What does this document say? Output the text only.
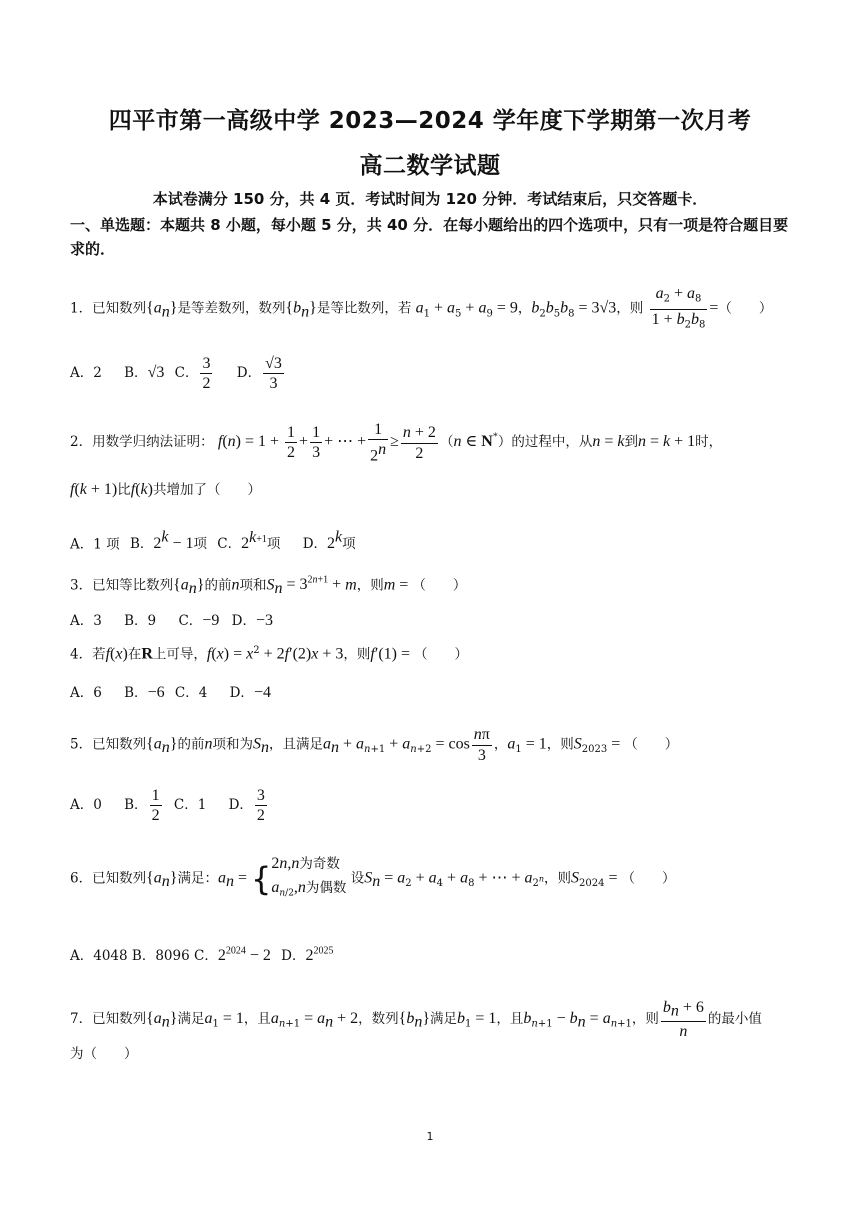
四平市第一高级中学 2023—2024 学年度下学期第一次月考
高二数学试题
本试卷满分 150 分，共 4 页．考试时间为 120 分钟．考试结束后，只交答题卡．
一、单选题：本题共 8 小题，每小题 5 分，共 40 分．在每小题给出的四个选项中，只有一项是符合题目要求的．
1．已知数列$\{a_n\}$是等差数列，数列$\{b_n\}$是等比数列，若 $a_1 + a_5 + a_9 = 9$，$b_2b_5b_8 = 3√3$，则 $\frac{a_2 + a_8}{1 + b_2b_8}$ =（　　）
A．2 B．√3 C． $\frac{3}{2}$ D． $\frac{√3}{3}$
2．用数学归纳法证明： $f(n) = 1 + \frac{1}{2} + \frac{1}{3}$ + ⋯ + $\frac{1}{2^n} \ge \frac{n + 2}{2} (n$ ∈ N*）的过程中，从n = k到n = k + 1时，
f(k + 1)比f(k)共增加了（　　）
A．1 项 B．$2^k - 1$项 C．$2^{k+1}$项 D．2$^k$项
3．已知等比数列$\{a_n\}$的前n项和$S_n = 3^{2n+1} + m$，则m = （　　）
A．3 B．9 C．−9 D．−3
4．若f(x)在R上可导，$f(x) = x^2 + 2f'(2)x + 3$，则f′(1) = （　　）
A．6 B．−6 C．4 D．−4
5．已知数列$\{a_n\}$的前n项和为$S_n$，且满足$a_n + a_{n+1} + a_{n+2} = \cos \frac{n\pi}{3}$ ，$a_1 = 1$，则$S_{2023}$ = （　　）
A．0 B． $\frac{1}{2}$ C．1 D． $\frac{3}{2}$
6．已知数列$\{a_n\}$满足：$a_n$ = { 2n,n为奇数
$a_{n/2},n$为偶数
设$S_n = a_2 + a_4 + a_8$ + ⋯ + $a_{2^n}$，则$S_{2024}$ = （　　）
A．4048 B．8096 C．$2^{2024} - 2$ D．$2^{2025}$
7．已知数列$\{a_n\}$满足$a_1 = 1$，且$a_{n+1} = a_n + 2$，数列$\{b_n\}$满足$b_1 = 1$，且$b_{n+1} - b_n = a_{n+1}$，则 $\frac{b_n + 6}{n}$ 的最小值
为（　　）
1
